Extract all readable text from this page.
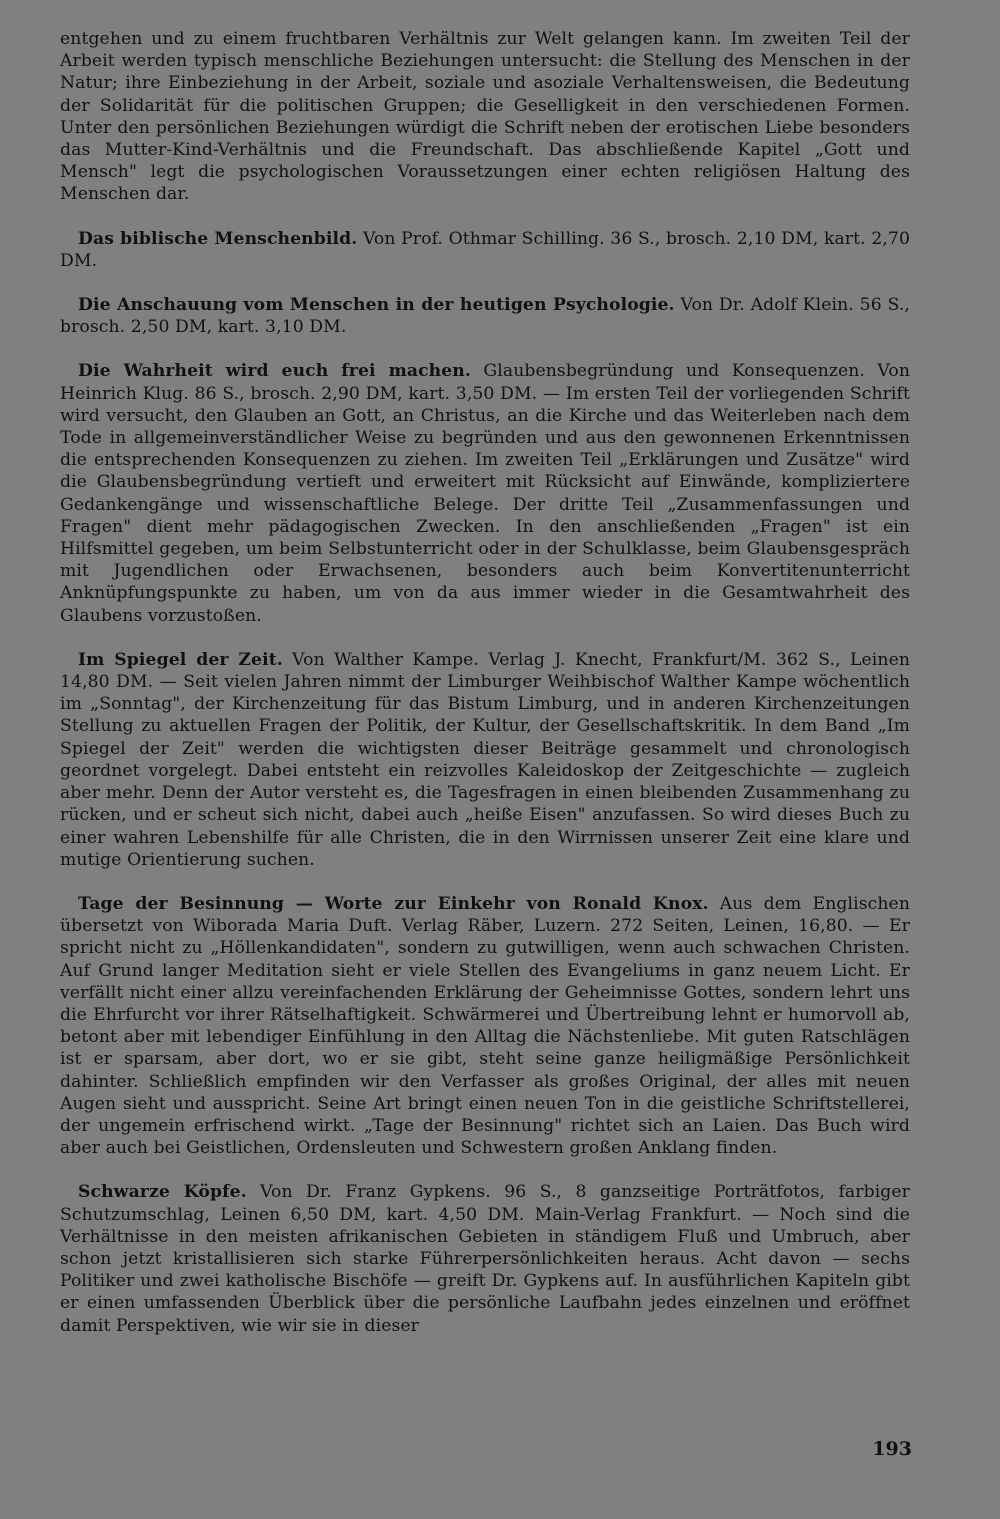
entgehen und zu einem fruchtbaren Verhältnis zur Welt gelangen kann. Im zweiten Teil der Arbeit werden typisch menschliche Beziehungen untersucht: die Stellung des Menschen in der Natur; ihre Einbeziehung in der Arbeit, soziale und asoziale Verhaltensweisen, die Bedeutung der Solidarität für die politischen Gruppen; die Geselligkeit in den verschiedenen Formen. Unter den persönlichen Beziehungen würdigt die Schrift neben der erotischen Liebe besonders das Mutter-Kind-Verhältnis und die Freundschaft. Das abschließende Kapitel „Gott und Mensch" legt die psychologischen Voraussetzungen einer echten religiösen Haltung des Menschen dar.

Das biblische Menschenbild. Von Prof. Othmar Schilling. 36 S., brosch. 2,10 DM, kart. 2,70 DM.

Die Anschauung vom Menschen in der heutigen Psychologie. Von Dr. Adolf Klein. 56 S., brosch. 2,50 DM, kart. 3,10 DM.

Die Wahrheit wird euch frei machen. Glaubensbegründung und Konsequenzen. Von Heinrich Klug. 86 S., brosch. 2,90 DM, kart. 3,50 DM. — Im ersten Teil der vorliegenden Schrift wird versucht, den Glauben an Gott, an Christus, an die Kirche und das Weiterleben nach dem Tode in allgemeinverständlicher Weise zu begründen und aus den gewonnenen Erkenntnissen die entsprechenden Konsequenzen zu ziehen. Im zweiten Teil „Erklärungen und Zusätze" wird die Glaubensbegründung vertieft und erweitert mit Rücksicht auf Einwände, kompliziertere Gedankengänge und wissenschaftliche Belege. Der dritte Teil „Zusammenfassungen und Fragen" dient mehr pädagogischen Zwecken. In den anschließenden „Fragen" ist ein Hilfsmittel gegeben, um beim Selbstunterricht oder in der Schulklasse, beim Glaubensgespräch mit Jugendlichen oder Erwachsenen, besonders auch beim Konvertitenunterricht Anknüpfungspunkte zu haben, um von da aus immer wieder in die Gesamtwahrheit des Glaubens vorzustoßen.

Im Spiegel der Zeit. Von Walther Kampe. Verlag J. Knecht, Frankfurt/M. 362 S., Leinen 14,80 DM. — Seit vielen Jahren nimmt der Limburger Weihbischof Walther Kampe wöchentlich im „Sonntag", der Kirchenzeitung für das Bistum Limburg, und in anderen Kirchenzeitungen Stellung zu aktuellen Fragen der Politik, der Kultur, der Gesellschaftskritik. In dem Band „Im Spiegel der Zeit" werden die wichtigsten dieser Beiträge gesammelt und chronologisch geordnet vorgelegt. Dabei entsteht ein reizvolles Kaleidoskop der Zeitgeschichte — zugleich aber mehr. Denn der Autor versteht es, die Tagesfragen in einen bleibenden Zusammenhang zu rücken, und er scheut sich nicht, dabei auch „heiße Eisen" anzufassen. So wird dieses Buch zu einer wahren Lebenshilfe für alle Christen, die in den Wirrnissen unserer Zeit eine klare und mutige Orientierung suchen.

Tage der Besinnung — Worte zur Einkehr von Ronald Knox. Aus dem Englischen übersetzt von Wiborada Maria Duft. Verlag Räber, Luzern. 272 Seiten, Leinen, 16,80. — Er spricht nicht zu „Höllenkandidaten", sondern zu gutwilligen, wenn auch schwachen Christen. Auf Grund langer Meditation sieht er viele Stellen des Evangeliums in ganz neuem Licht. Er verfällt nicht einer allzu vereinfachenden Erklärung der Geheimnisse Gottes, sondern lehrt uns die Ehrfurcht vor ihrer Rätselhaftigkeit. Schwärmerei und Übertreibung lehnt er humorvoll ab, betont aber mit lebendiger Einfühlung in den Alltag die Nächstenliebe. Mit guten Ratschlägen ist er sparsam, aber dort, wo er sie gibt, steht seine ganze heiligmäßige Persönlichkeit dahinter. Schließlich empfinden wir den Verfasser als großes Original, der alles mit neuen Augen sieht und ausspricht. Seine Art bringt einen neuen Ton in die geistliche Schriftstellerei, der ungemein erfrischend wirkt. „Tage der Besinnung" richtet sich an Laien. Das Buch wird aber auch bei Geistlichen, Ordensleuten und Schwestern großen Anklang finden.

Schwarze Köpfe. Von Dr. Franz Gypkens. 96 S., 8 ganzseitige Porträtfotos, farbiger Schutzumschlag, Leinen 6,50 DM, kart. 4,50 DM. Main-Verlag Frankfurt. — Noch sind die Verhältnisse in den meisten afrikanischen Gebieten in ständigem Fluß und Umbruch, aber schon jetzt kristallisieren sich starke Führerpersönlichkeiten heraus. Acht davon — sechs Politiker und zwei katholische Bischöfe — greift Dr. Gypkens auf. In ausführlichen Kapiteln gibt er einen umfassenden Überblick über die persönliche Laufbahn jedes einzelnen und eröffnet damit Perspektiven, wie wir sie in dieser

193
